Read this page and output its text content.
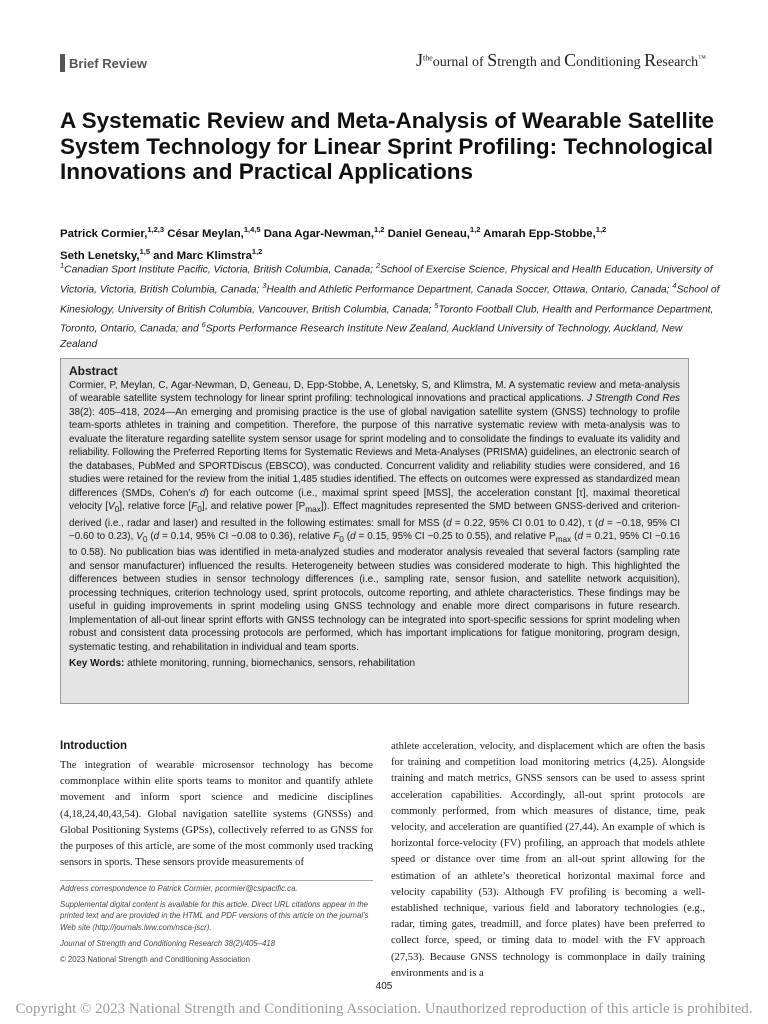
Brief Review	$J^{the}ournal$ of Strength and Conditioning Research™
A Systematic Review and Meta-Analysis of Wearable Satellite System Technology for Linear Sprint Profiling: Technological Innovations and Practical Applications
Patrick Cormier,$^{1,2,3}$ César Meylan,$^{1,4,5}$ Dana Agar-Newman,$^{1,2}$ Daniel Geneau,$^{1,2}$ Amarah Epp-Stobbe,$^{1,2}$
Seth Lenetsky,$^{1,5}$ and Marc Klimstra$^{1,2}$
$^1$Canadian Sport Institute Pacific, Victoria, British Columbia, Canada; $^2$School of Exercise Science, Physical and Health Education, University of Victoria, Victoria, British Columbia, Canada; $^3$Health and Athletic Performance Department, Canada Soccer, Ottawa, Ontario, Canada; $^4$School of Kinesiology, University of British Columbia, Vancouver, British Columbia, Canada; $^5$Toronto Football Club, Health and Performance Department, Toronto, Ontario, Canada; and $^6$Sports Performance Research Institute New Zealand, Auckland University of Technology, Auckland, New Zealand
Abstract

Cormier, P, Meylan, C, Agar-Newman, D, Geneau, D, Epp-Stobbe, A, Lenetsky, S, and Klimstra, M. A systematic review and meta-analysis of wearable satellite system technology for linear sprint profiling: technological innovations and practical applications. J Strength Cond Res 38(2): 405–418, 2024—An emerging and promising practice is the use of global navigation satellite system (GNSS) technology to profile team-sports athletes in training and competition. Therefore, the purpose of this narrative systematic review with meta-analysis was to evaluate the literature regarding satellite system sensor usage for sprint modeling and to consolidate the findings to evaluate its validity and reliability. Following the Preferred Reporting Items for Systematic Reviews and Meta-Analyses (PRISMA) guidelines, an electronic search of the databases, PubMed and SPORTDiscus (EBSCO), was conducted. Concurrent validity and reliability studies were considered, and 16 studies were retained for the review from the initial 1,485 studies identified. The effects on outcomes were expressed as standardized mean differences (SMDs, Cohen’s d) for each outcome (i.e., maximal sprint speed [MSS], the acceleration constant [τ], maximal theoretical velocity $[V_0]$, relative force $[F_0]$, and relative power $[P_{max}]$). Effect magnitudes represented the SMD between GNSS-derived and criterion-derived (i.e., radar and laser) and resulted in the following estimates: small for MSS (d = 0.22, 95% CI 0.01 to 0.42), τ (d = −0.18, 95% CI −0.60 to 0.23), $V_0$ (d = 0.14, 95% CI −0.08 to 0.36), relative $F_0$ (d = 0.15, 95% CI −0.25 to 0.55), and relative $P_{max}$ (d = 0.21, 95% CI −0.16 to 0.58). No publication bias was identified in meta-analyzed studies and moderator analysis revealed that several factors (sampling rate and sensor manufacturer) influenced the results. Heterogeneity between studies was considered moderate to high. This highlighted the differences between studies in sensor technology differences (i.e., sampling rate, sensor fusion, and satellite network acquisition), processing techniques, criterion technology used, sprint protocols, outcome reporting, and athlete characteristics. These findings may be useful in guiding improvements in sprint modeling using GNSS technology and enable more direct comparisons in future research. Implementation of all-out linear sprint efforts with GNSS technology can be integrated into sport-specific sessions for sprint modeling when robust and consistent data processing protocols are performed, which has important implications for fatigue monitoring, program design, systematic testing, and rehabilitation in individual and team sports.

Key Words: athlete monitoring, running, biomechanics, sensors, rehabilitation
Introduction

The integration of wearable microsensor technology has become commonplace within elite sports teams to monitor and quantify athlete movement and inform sport science and medicine disciplines (4,18,24,40,43,54). Global navigation satellite systems (GNSSs) and Global Positioning Systems (GPSs), collectively referred to as GNSS for the purposes of this article, are some of the most commonly used tracking sensors in sports. These sensors provide measurements of

athlete acceleration, velocity, and displacement which are often the basis for training and competition load monitoring metrics (4,25). Alongside training and match metrics, GNSS sensors can be used to assess sprint acceleration capabilities. Accordingly, all-out sprint protocols are commonly performed, from which measures of distance, time, peak velocity, and acceleration are quantified (27,44). An example of which is horizontal force-velocity (FV) profiling, an approach that models athlete speed or distance over time from an all-out sprint allowing for the estimation of an athlete’s theoretical horizontal maximal force and velocity capability (53). Although FV profiling is becoming a well-established technique, various field and laboratory technologies (e.g., radar, timing gates, treadmill, and force plates) have been preferred to collect force, speed, or timing data to model with the FV approach (27,53). Because GNSS technology is commonplace in daily training environments and is a

Address correspondence to Patrick Cormier, pcormier@csipacific.ca.

Supplemental digital content is available for this article. Direct URL citations appear in the printed text and are provided in the HTML and PDF versions of this article on the journal’s Web site (http://journals.lww.com/nsca-jscr).

Journal of Strength and Conditioning Research 38(2)/405–418

© 2023 National Strength and Conditioning Association

405
Copyright © 2023 National Strength and Conditioning Association. Unauthorized reproduction of this article is prohibited.
